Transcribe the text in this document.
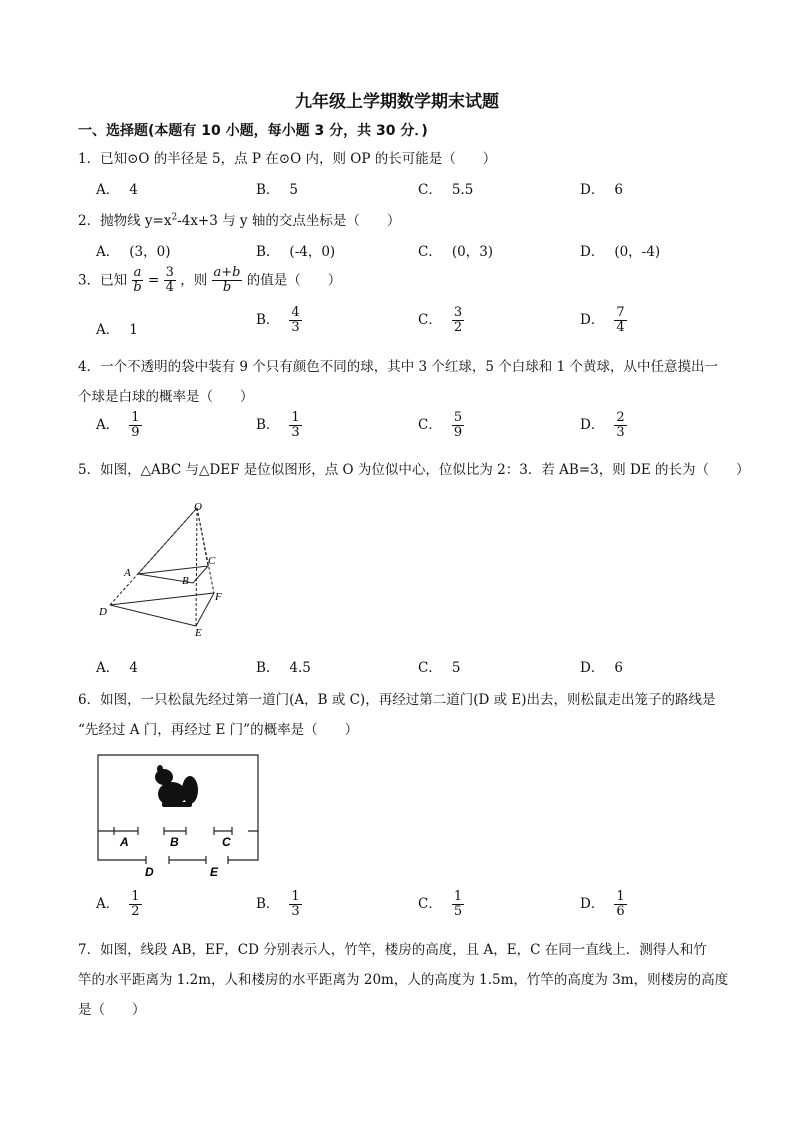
九年级上学期数学期末试题
一、选择题(本题有 10 小题，每小题 3 分，共 30 分．)
1．已知⊙O 的半径是 5，点 P 在⊙O 内，则 OP 的长可能是（　　）
A． 4	B． 5	C． 5.5	D． 6
2．抛物线 $y=x^2-4x+3$ 与 y 轴的交点坐标是（　　）
A． (3，0)	B． (-4，0)	C． (0，3)	D． (0，-4)
3．已知 $\frac{a}{b} = \frac{3}{4}$ ，则 $\frac{a+b}{b}$ 的值是（　　）
A． 1
B． $\frac{4}{3}$	C． $\frac{3}{2}$	D． $\frac{7}{4}$
4．一个不透明的袋中装有 9 个只有颜色不同的球，其中 3 个红球，5 个白球和 1 个黄球，从中任意摸出一
个球是白球的概率是（　　）
A． $\frac{1}{9}$	B． $\frac{1}{3}$	C． $\frac{5}{9}$	D． $\frac{2}{3}$
5．如图，△ABC 与△DEF 是位似图形，点 O 为位似中心，位似比为 2：3．若 AB=3，则 DE 的长为（　　）
O
A
C
B
D
F
E
A． 4	B． 4.5	C． 5	D． 6
6．如图，一只松鼠先经过第一道门(A，B 或 C)，再经过第二道门(D 或 E)出去，则松鼠走出笼子的路线是
“先经过 A 门，再经过 E 门”的概率是（　　）
A	B	C
D	E
A． $\frac{1}{2}$	B． $\frac{1}{3}$	C． $\frac{1}{5}$	D． $\frac{1}{6}$
7．如图，线段 AB，EF，CD 分别表示人，竹竿，楼房的高度，且 A，E，C 在同一直线上．测得人和竹
竿的水平距离为 1.2m，人和楼房的水平距离为 20m，人的高度为 1.5m，竹竿的高度为 3m，则楼房的高度
是（　　）
